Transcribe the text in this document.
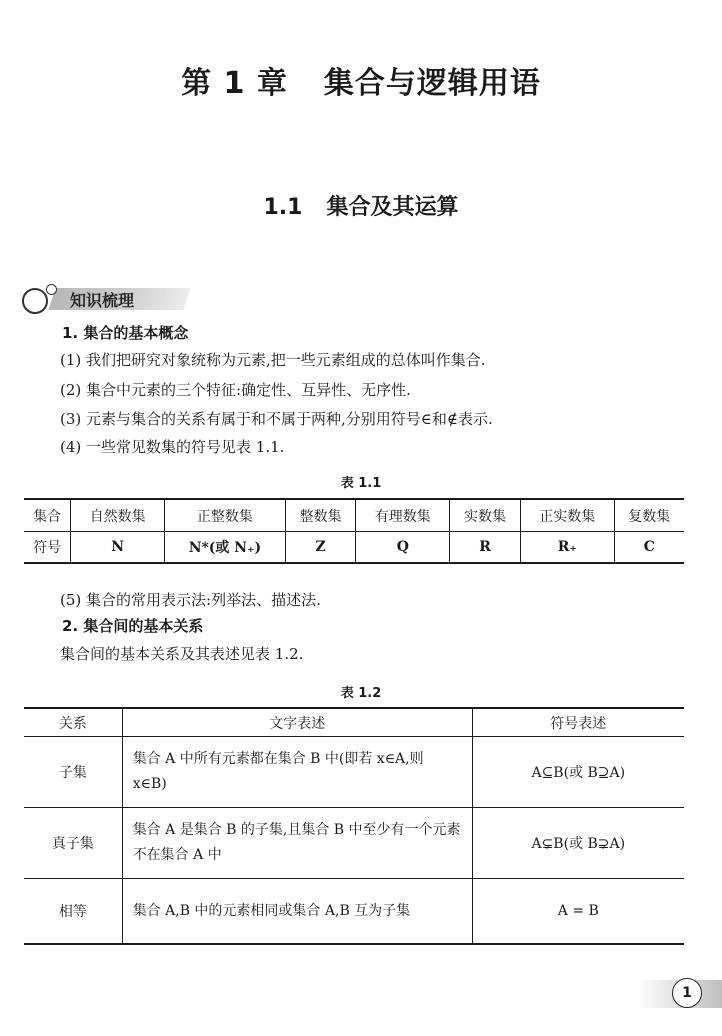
第 1 章 集合与逻辑用语
1.1 集合及其运算
知识梳理
1. 集合的基本概念
(1) 我们把研究对象统称为元素,把一些元素组成的总体叫作集合.
(2) 集合中元素的三个特征:确定性、互异性、无序性.
(3) 元素与集合的关系有属于和不属于两种,分别用符号∈和∉表示.
(4) 一些常见数集的符号见表 1.1.
表 1.1
集合	自然数集	正整数集	整数集	有理数集	实数集	正实数集	复数集
符号	N	N*(或 N₊)	Z	Q	R	R₊	C
(5) 集合的常用表示法:列举法、描述法.
2. 集合间的基本关系
集合间的基本关系及其表述见表 1.2.
表 1.2
关系	文字表述	符号表述
子集	集合 A 中所有元素都在集合 B 中(即若 x∈A,则 x∈B)	A⊆B(或 B⊇A)
真子集	集合 A 是集合 B 的子集,且集合 B 中至少有一个元素不在集合 A 中	A⊊B(或 B⊋A)
相等	集合 A,B 中的元素相同或集合 A,B 互为子集	A = B
1
